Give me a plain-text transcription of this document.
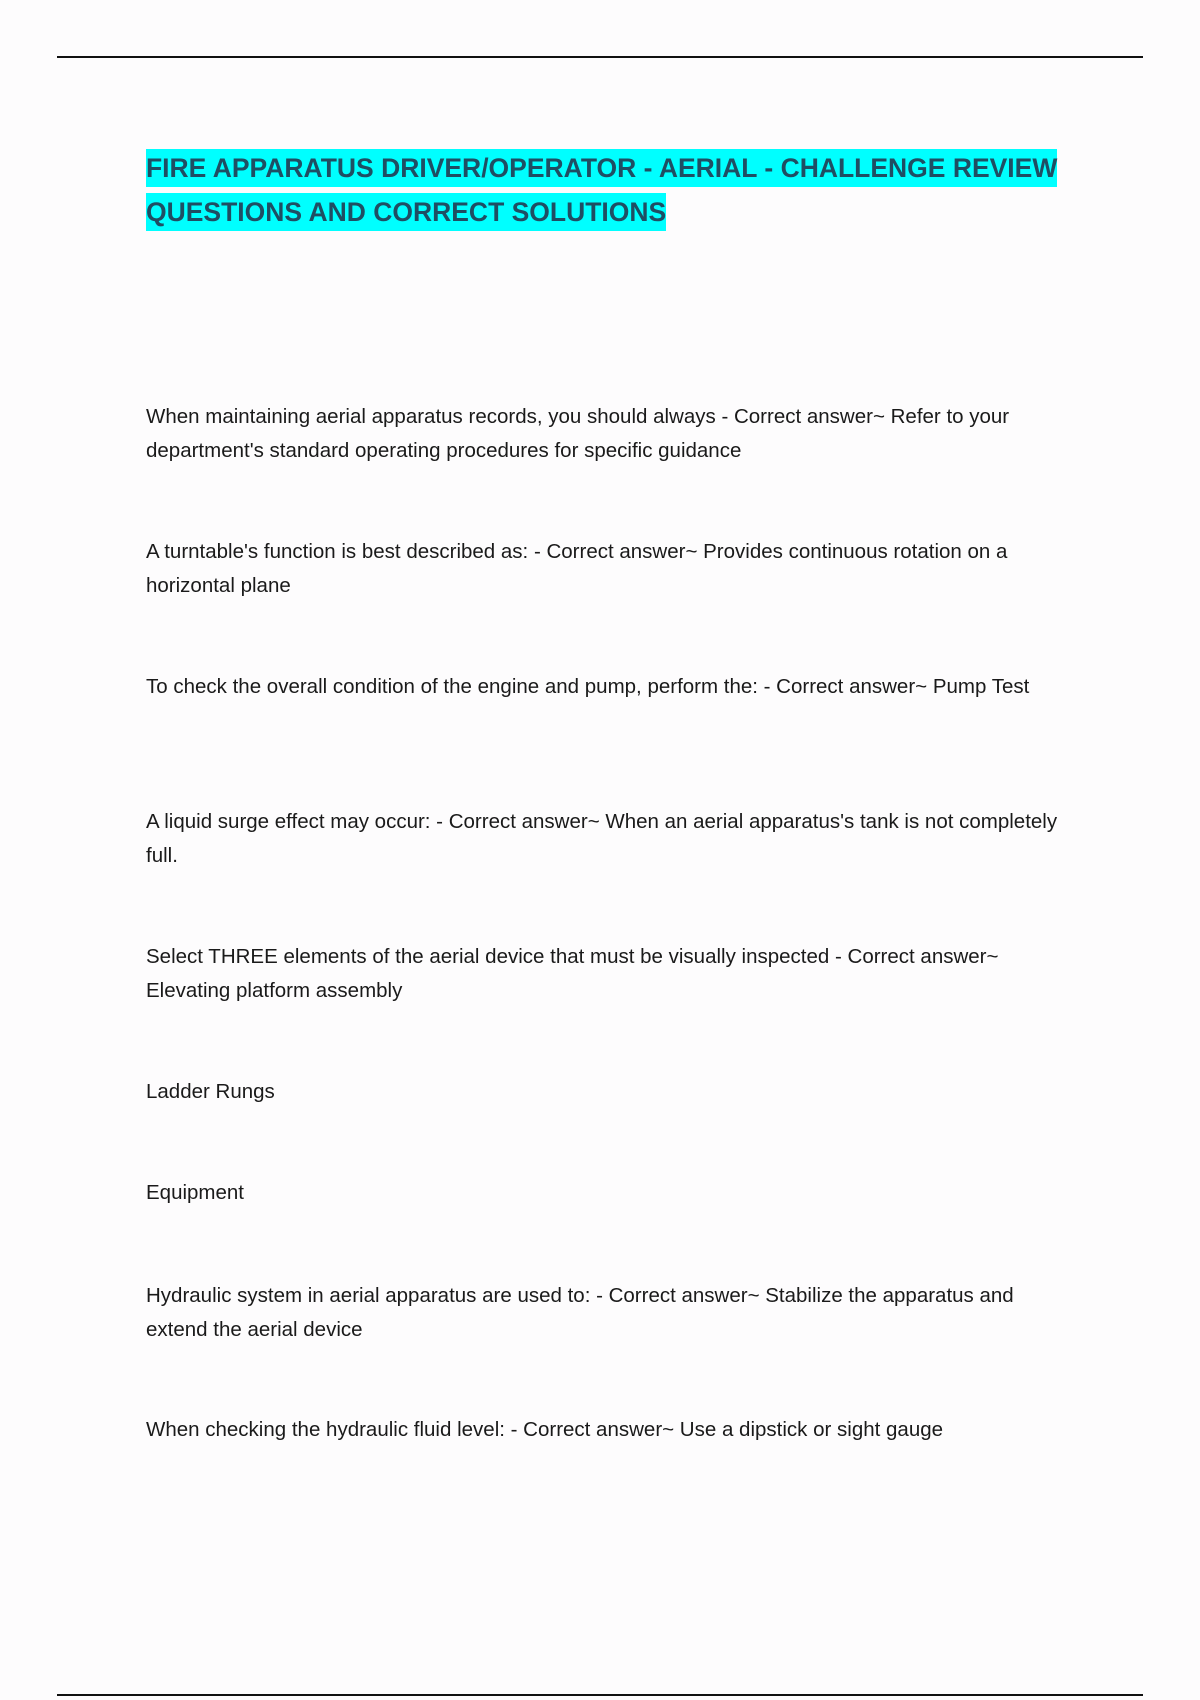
FIRE APPARATUS DRIVER/OPERATOR - AERIAL - CHALLENGE REVIEW
QUESTIONS AND CORRECT SOLUTIONS

When maintaining aerial apparatus records, you should always - Correct answer~ Refer to your department's standard operating procedures for specific guidance

A turntable's function is best described as: - Correct answer~ Provides continuous rotation on a horizontal plane

To check the overall condition of the engine and pump, perform the: - Correct answer~ Pump Test

A liquid surge effect may occur: - Correct answer~ When an aerial apparatus's tank is not completely full.

Select THREE elements of the aerial device that must be visually inspected - Correct answer~ Elevating platform assembly

Ladder Rungs

Equipment

Hydraulic system in aerial apparatus are used to: - Correct answer~ Stabilize the apparatus and extend the aerial device

When checking the hydraulic fluid level: - Correct answer~ Use a dipstick or sight gauge
